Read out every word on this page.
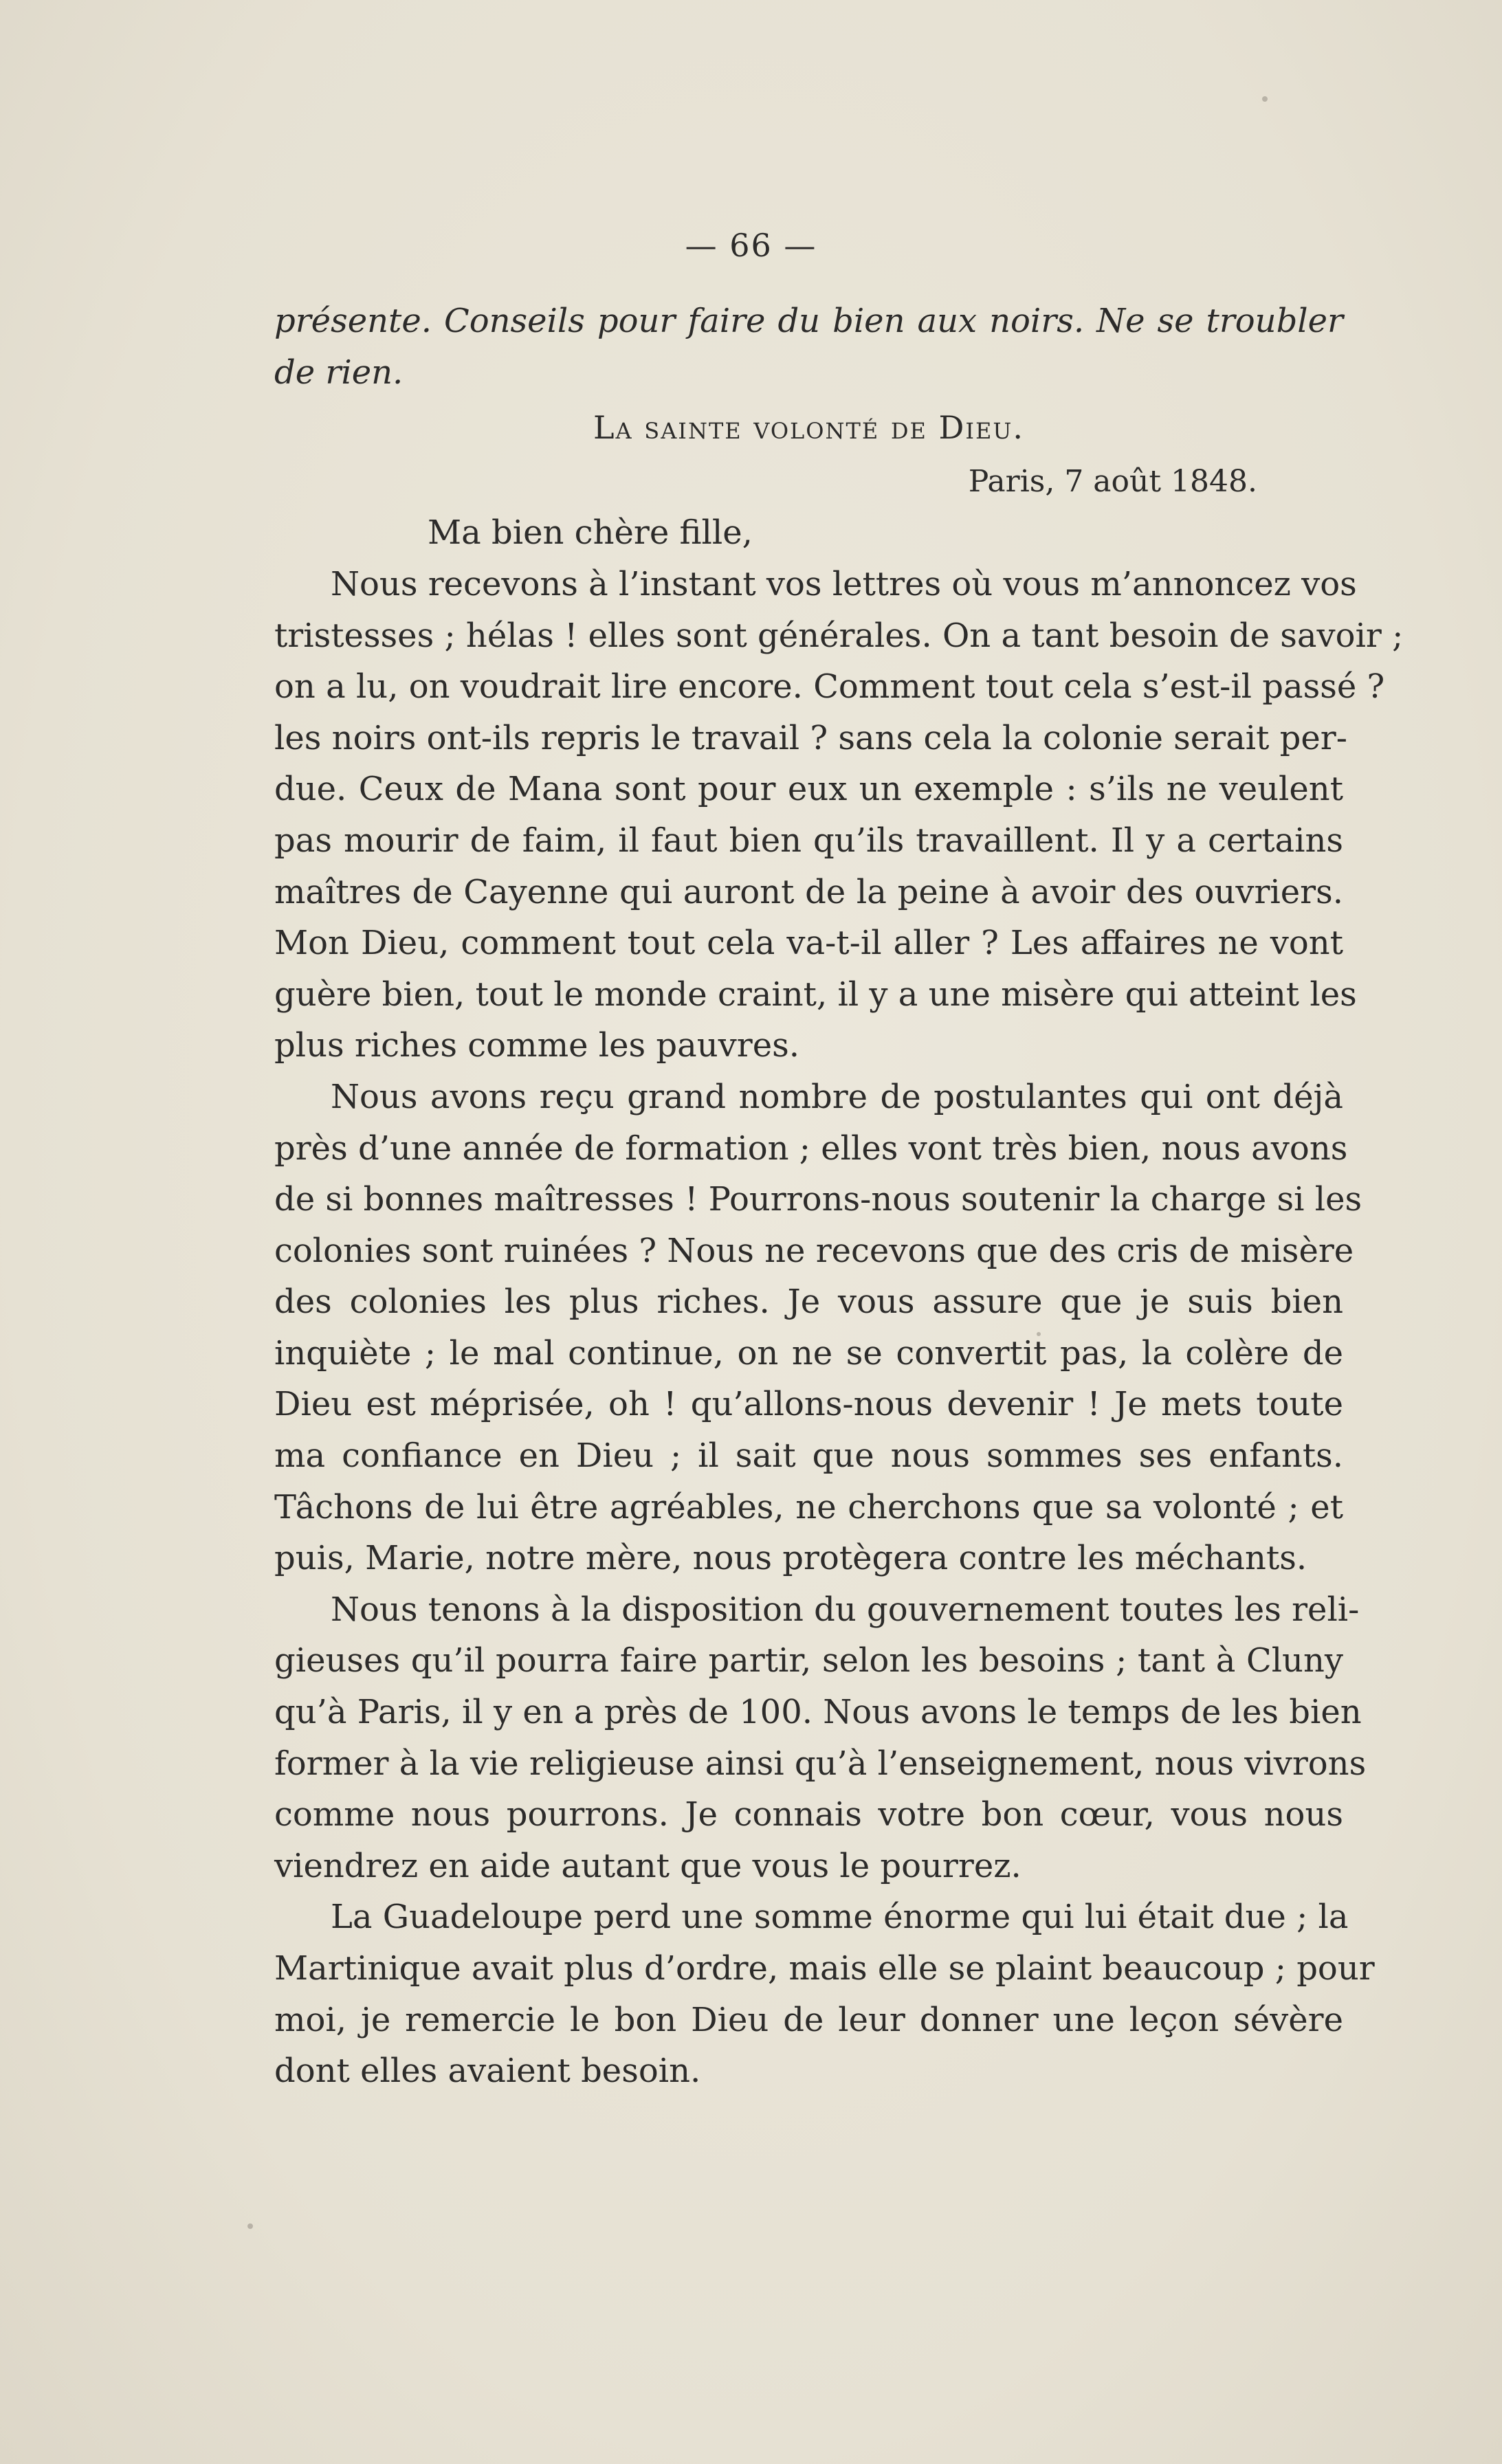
— 66 —
présente. Conseils pour faire du bien aux noirs. Ne se troubler
de rien.
La sainte volonté de Dieu.
Paris, 7 août 1848.
Ma bien chère fille,
Nous recevons à l’instant vos lettres où vous m’annoncez vos
tristesses ; hélas ! elles sont générales. On a tant besoin de savoir ;
on a lu, on voudrait lire encore. Comment tout cela s’est-il passé ?
les noirs ont-ils repris le travail ? sans cela la colonie serait per-
due. Ceux de Mana sont pour eux un exemple : s’ils ne veulent
pas mourir de faim, il faut bien qu’ils travaillent. Il y a certains
maîtres de Cayenne qui auront de la peine à avoir des ouvriers.
Mon Dieu, comment tout cela va-t-il aller ? Les affaires ne vont
guère bien, tout le monde craint, il y a une misère qui atteint les
plus riches comme les pauvres.
Nous avons reçu grand nombre de postulantes qui ont déjà
près d’une année de formation ; elles vont très bien, nous avons
de si bonnes maîtresses ! Pourrons-nous soutenir la charge si les
colonies sont ruinées ? Nous ne recevons que des cris de misère
des colonies les plus riches. Je vous assure que je suis bien
inquiète ; le mal continue, on ne se convertit pas, la colère de
Dieu est méprisée, oh ! qu’allons-nous devenir ! Je mets toute
ma confiance en Dieu ; il sait que nous sommes ses enfants.
Tâchons de lui être agréables, ne cherchons que sa volonté ; et
puis, Marie, notre mère, nous protègera contre les méchants.
Nous tenons à la disposition du gouvernement toutes les reli-
gieuses qu’il pourra faire partir, selon les besoins ; tant à Cluny
qu’à Paris, il y en a près de 100. Nous avons le temps de les bien
former à la vie religieuse ainsi qu’à l’enseignement, nous vivrons
comme nous pourrons. Je connais votre bon cœur, vous nous
viendrez en aide autant que vous le pourrez.
La Guadeloupe perd une somme énorme qui lui était due ; la
Martinique avait plus d’ordre, mais elle se plaint beaucoup ; pour
moi, je remercie le bon Dieu de leur donner une leçon sévère
dont elles avaient besoin.
